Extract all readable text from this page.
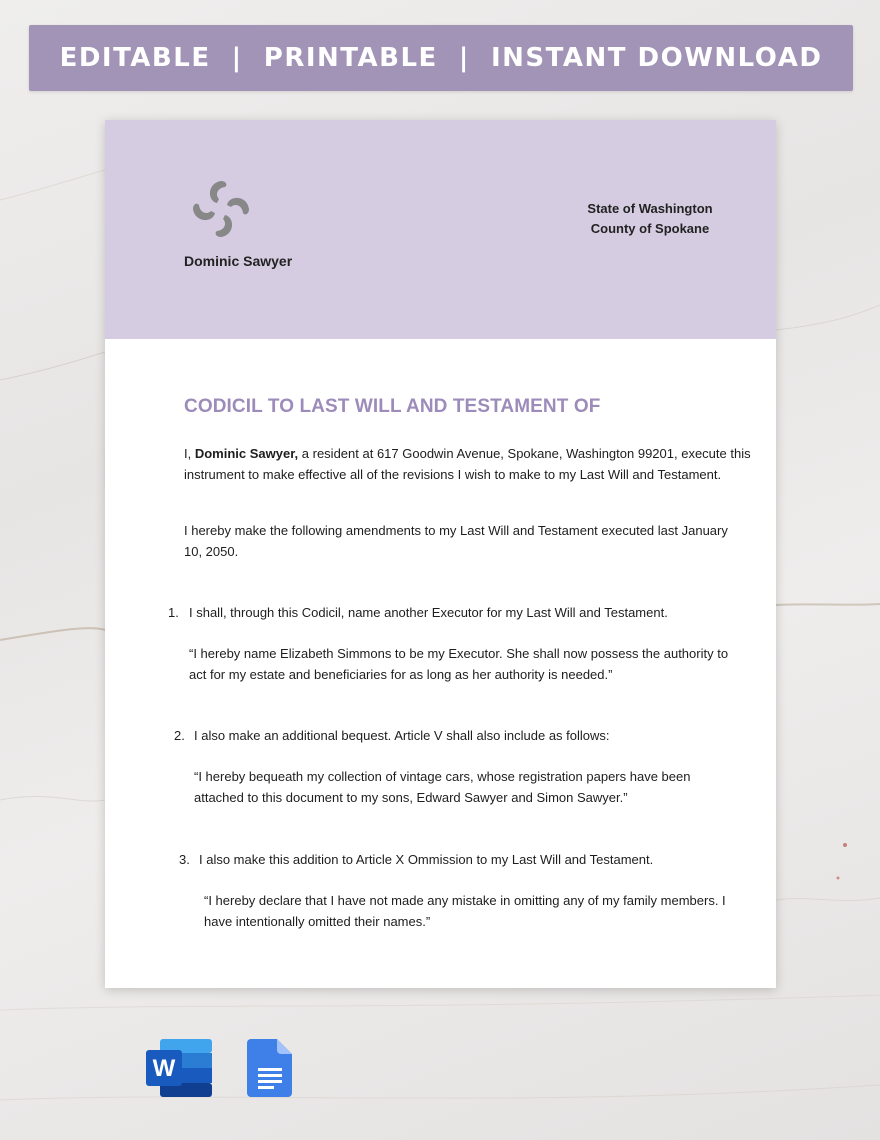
EDITABLE  |  PRINTABLE  |  INSTANT DOWNLOAD
Dominic Sawyer
State of Washington
County of Spokane
CODICIL TO LAST WILL AND TESTAMENT OF
I, Dominic Sawyer, a resident at 617 Goodwin Avenue, Spokane, Washington 99201, execute this
instrument to make effective all of the revisions I wish to make to my Last Will and Testament.
I hereby make the following amendments to my Last Will and Testament executed last January
10, 2050.
1. I shall, through this Codicil, name another Executor for my Last Will and Testament.
“I hereby name Elizabeth Simmons to be my Executor. She shall now possess the authority to
act for my estate and beneficiaries for as long as her authority is needed.”
2. I also make an additional bequest. Article V shall also include as follows:
“I hereby bequeath my collection of vintage cars, whose registration papers have been
attached to this document to my sons, Edward Sawyer and Simon Sawyer.”
3. I also make this addition to Article X Ommission to my Last Will and Testament.
“I hereby declare that I have not made any mistake in omitting any of my family members. I
have intentionally omitted their names.”
W
